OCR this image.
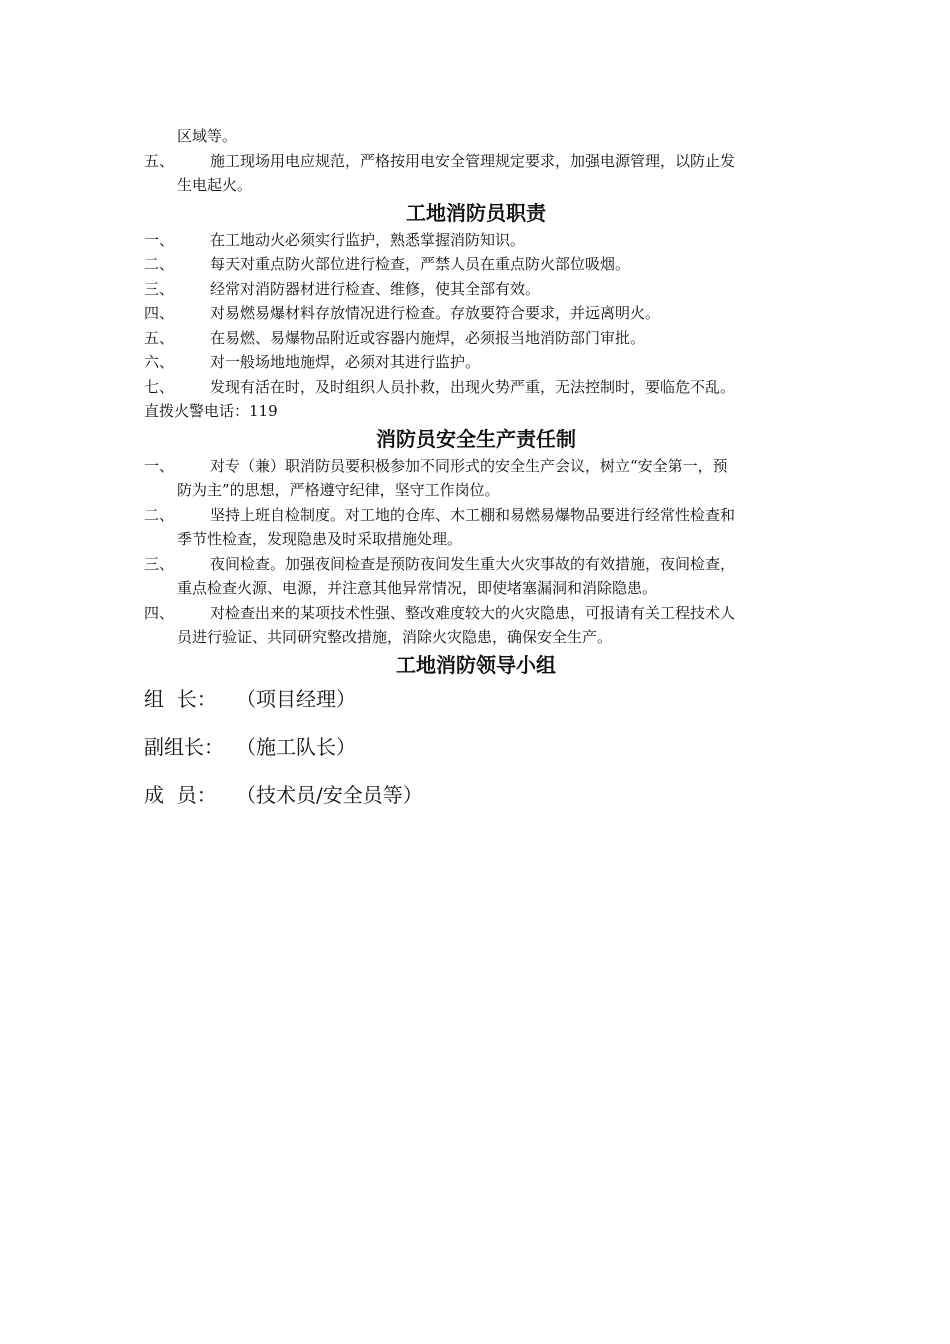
区域等。
五、 施工现场用电应规范，严格按用电安全管理规定要求，加强电源管理，以防止发
生电起火。
工地消防员职责
一、 在工地动火必须实行监护，熟悉掌握消防知识。
二、 每天对重点防火部位进行检查，严禁人员在重点防火部位吸烟。
三、 经常对消防器材进行检查、维修，使其全部有效。
四、 对易燃易爆材料存放情况进行检查。存放要符合要求，并远离明火。
五、 在易燃、易爆物品附近或容器内施焊，必须报当地消防部门审批。
六、 对一般场地地施焊，必须对其进行监护。
七、 发现有活在时，及时组织人员扑救，出现火势严重，无法控制时，要临危不乱。
直拨火警电话：119
消防员安全生产责任制
一、 对专（兼）职消防员要积极参加不同形式的安全生产会议，树立“安全第一，预
防为主”的思想，严格遵守纪律，坚守工作岗位。
二、 坚持上班自检制度。对工地的仓库、木工棚和易燃易爆物品要进行经常性检查和
季节性检查，发现隐患及时采取措施处理。
三、 夜间检查。加强夜间检查是预防夜间发生重大火灾事故的有效措施，夜间检查，
重点检查火源、电源，并注意其他异常情况，即使堵塞漏洞和消除隐患。
四、 对检查出来的某项技术性强、整改难度较大的火灾隐患，可报请有关工程技术人
员进行验证、共同研究整改措施，消除火灾隐患，确保安全生产。
工地消防领导小组
组  长： （项目经理）
副组长： （施工队长）
成  员： （技术员/安全员等）
